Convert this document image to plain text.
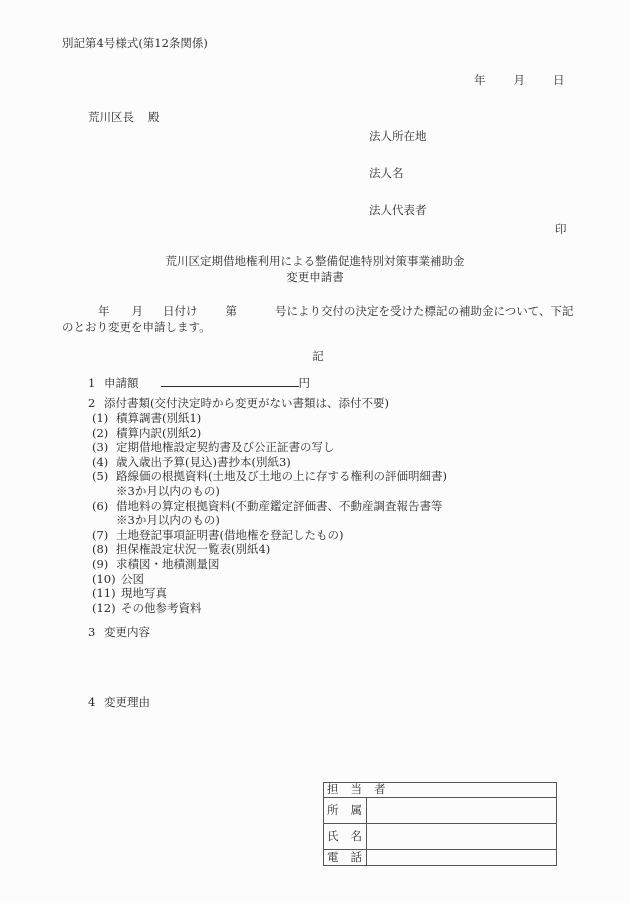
別記第4号様式(第12条関係)
年 月 日
荒川区長 殿
法人所在地
法人名
法人代表者
印
荒川区定期借地権利用による整備促進特別対策事業補助金
変更申請書
年 月 日付け 第	号により交付の決定を受けた標記の補助金について、下記のとおり変更を申請します。
記
1 申請額	円
2 添付書類(交付決定時から変更がない書類は、添付不要)
(1) 積算調書(別紙1)
(2) 積算内訳(別紙2)
(3) 定期借地権設定契約書及び公正証書の写し
(4) 歳入歳出予算(見込)書抄本(別紙3)
(5) 路線価の根拠資料(土地及び土地の上に存する権利の評価明細書)
※3か月以内のもの)
(6) 借地料の算定根拠資料(不動産鑑定評価書、不動産調査報告書等
※3か月以内のもの)
(7) 土地登記事項証明書(借地権を登記したもの)
(8) 担保権設定状況一覧表(別紙4)
(9) 求積図・地積測量図
(10) 公図
(11) 現地写真
(12) その他参考資料
3 変更内容
4 変更理由
担 当 者	
所 属	
氏 名	
電 話	
